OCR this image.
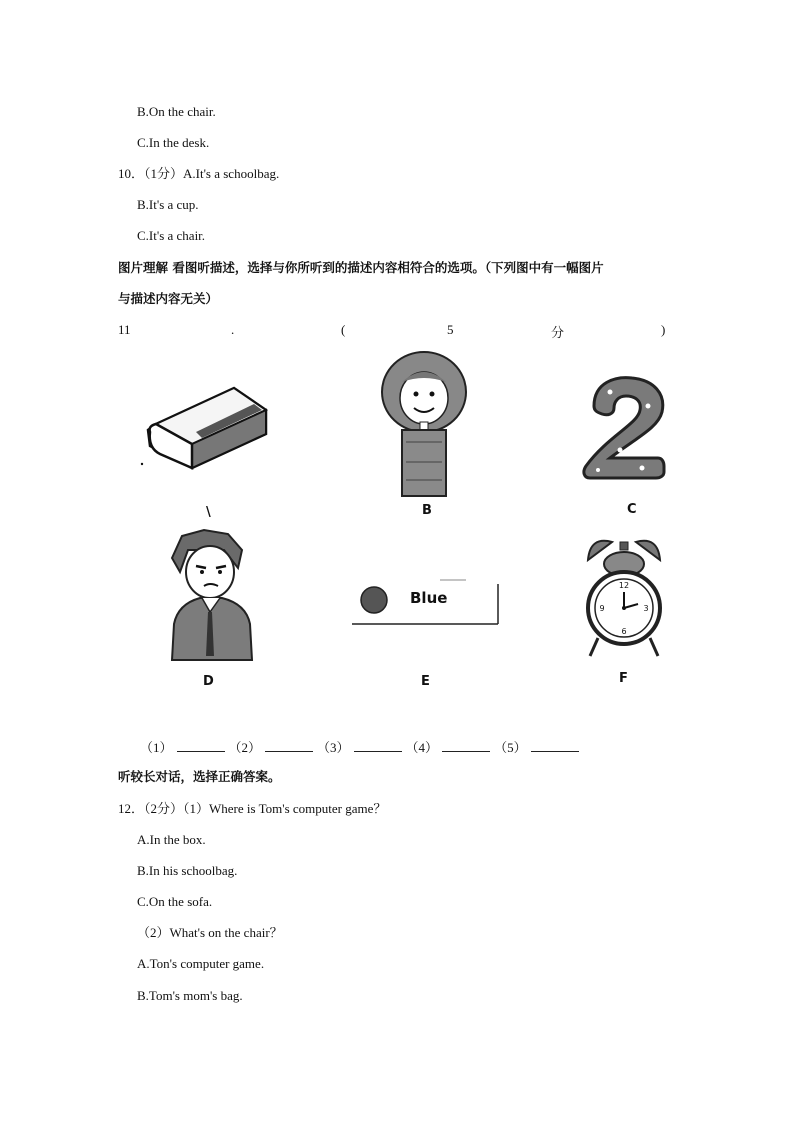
B.On the chair.
C.In the desk.
10．（1分）A.It's a schoolbag.
B.It's a cup.
C.It's a chair.
图片理解 看图听描述，选择与你所听到的描述内容相符合的选项。（下列图中有一幅图片
与描述内容无关）
11	.	(	5	分	)
\	B	C
D
Blue
E
12
3
6
9
F
（1）	（2）	（3）	（4）	（5）
听较长对话，选择正确答案。
12．（2分）（1）Where is Tom's computer game？
A.In the box.
B.In his schoolbag.
C.On the sofa.
（2）What's on the chair？
A.Ton's computer game.
B.Tom's mom's bag.
